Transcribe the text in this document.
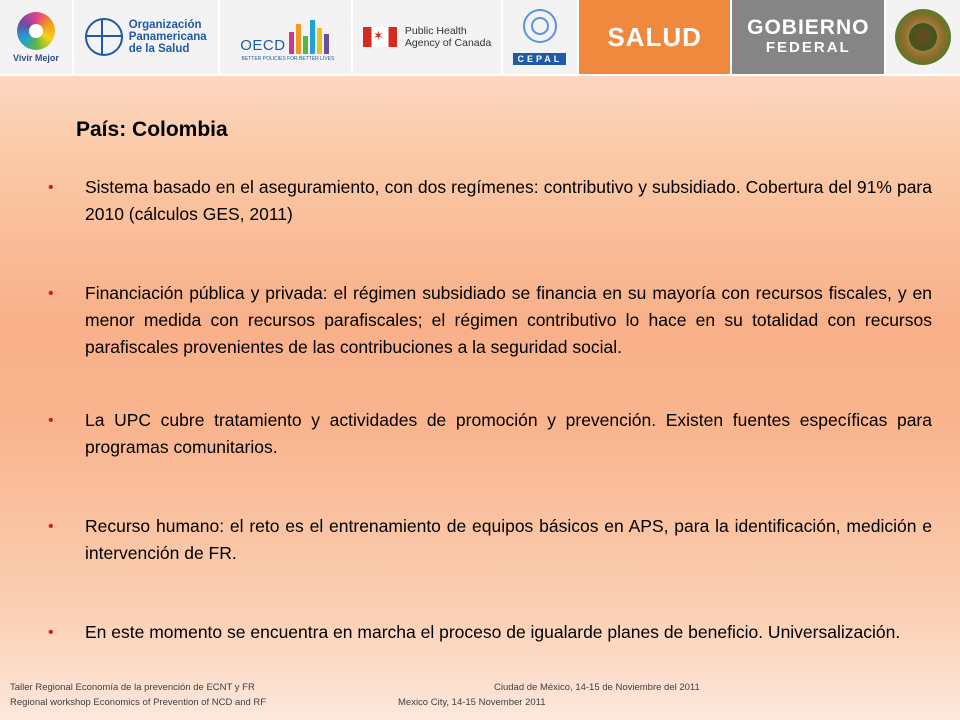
Vivir Mejor
Organización
Panamericana
de la Salud	OECD
BETTER POLICIES FOR BETTER LIVES
✶
Public Health
Agency of Canada

CEPAL
SALUD GOBIERNO
FEDERAL
País: Colombia
• Sistema basado en el aseguramiento, con dos regímenes: contributivo y subsidiado. Cobertura del 91% para 2010 (cálculos GES, 2011)
• Financiación pública y privada: el régimen subsidiado se financia en su mayoría con recursos fiscales, y en menor medida con recursos parafiscales; el régimen contributivo lo hace en su totalidad con recursos parafiscales provenientes de las contribuciones a la seguridad social.
• La UPC cubre tratamiento y actividades de promoción y prevención. Existen fuentes específicas para programas comunitarios.
• Recurso humano: el reto es el entrenamiento de equipos básicos en APS, para la identificación, medición e intervención de FR.
• En este momento se encuentra en marcha el proceso de igualarde planes de beneficio. Universalización.
Taller Regional Economía de la prevención de ECNT y FR	Ciudad de México, 14-15 de Noviembre del 2011
Regional workshop Economics of Prevention of NCD and RF	Mexico City, 14-15 November 2011
